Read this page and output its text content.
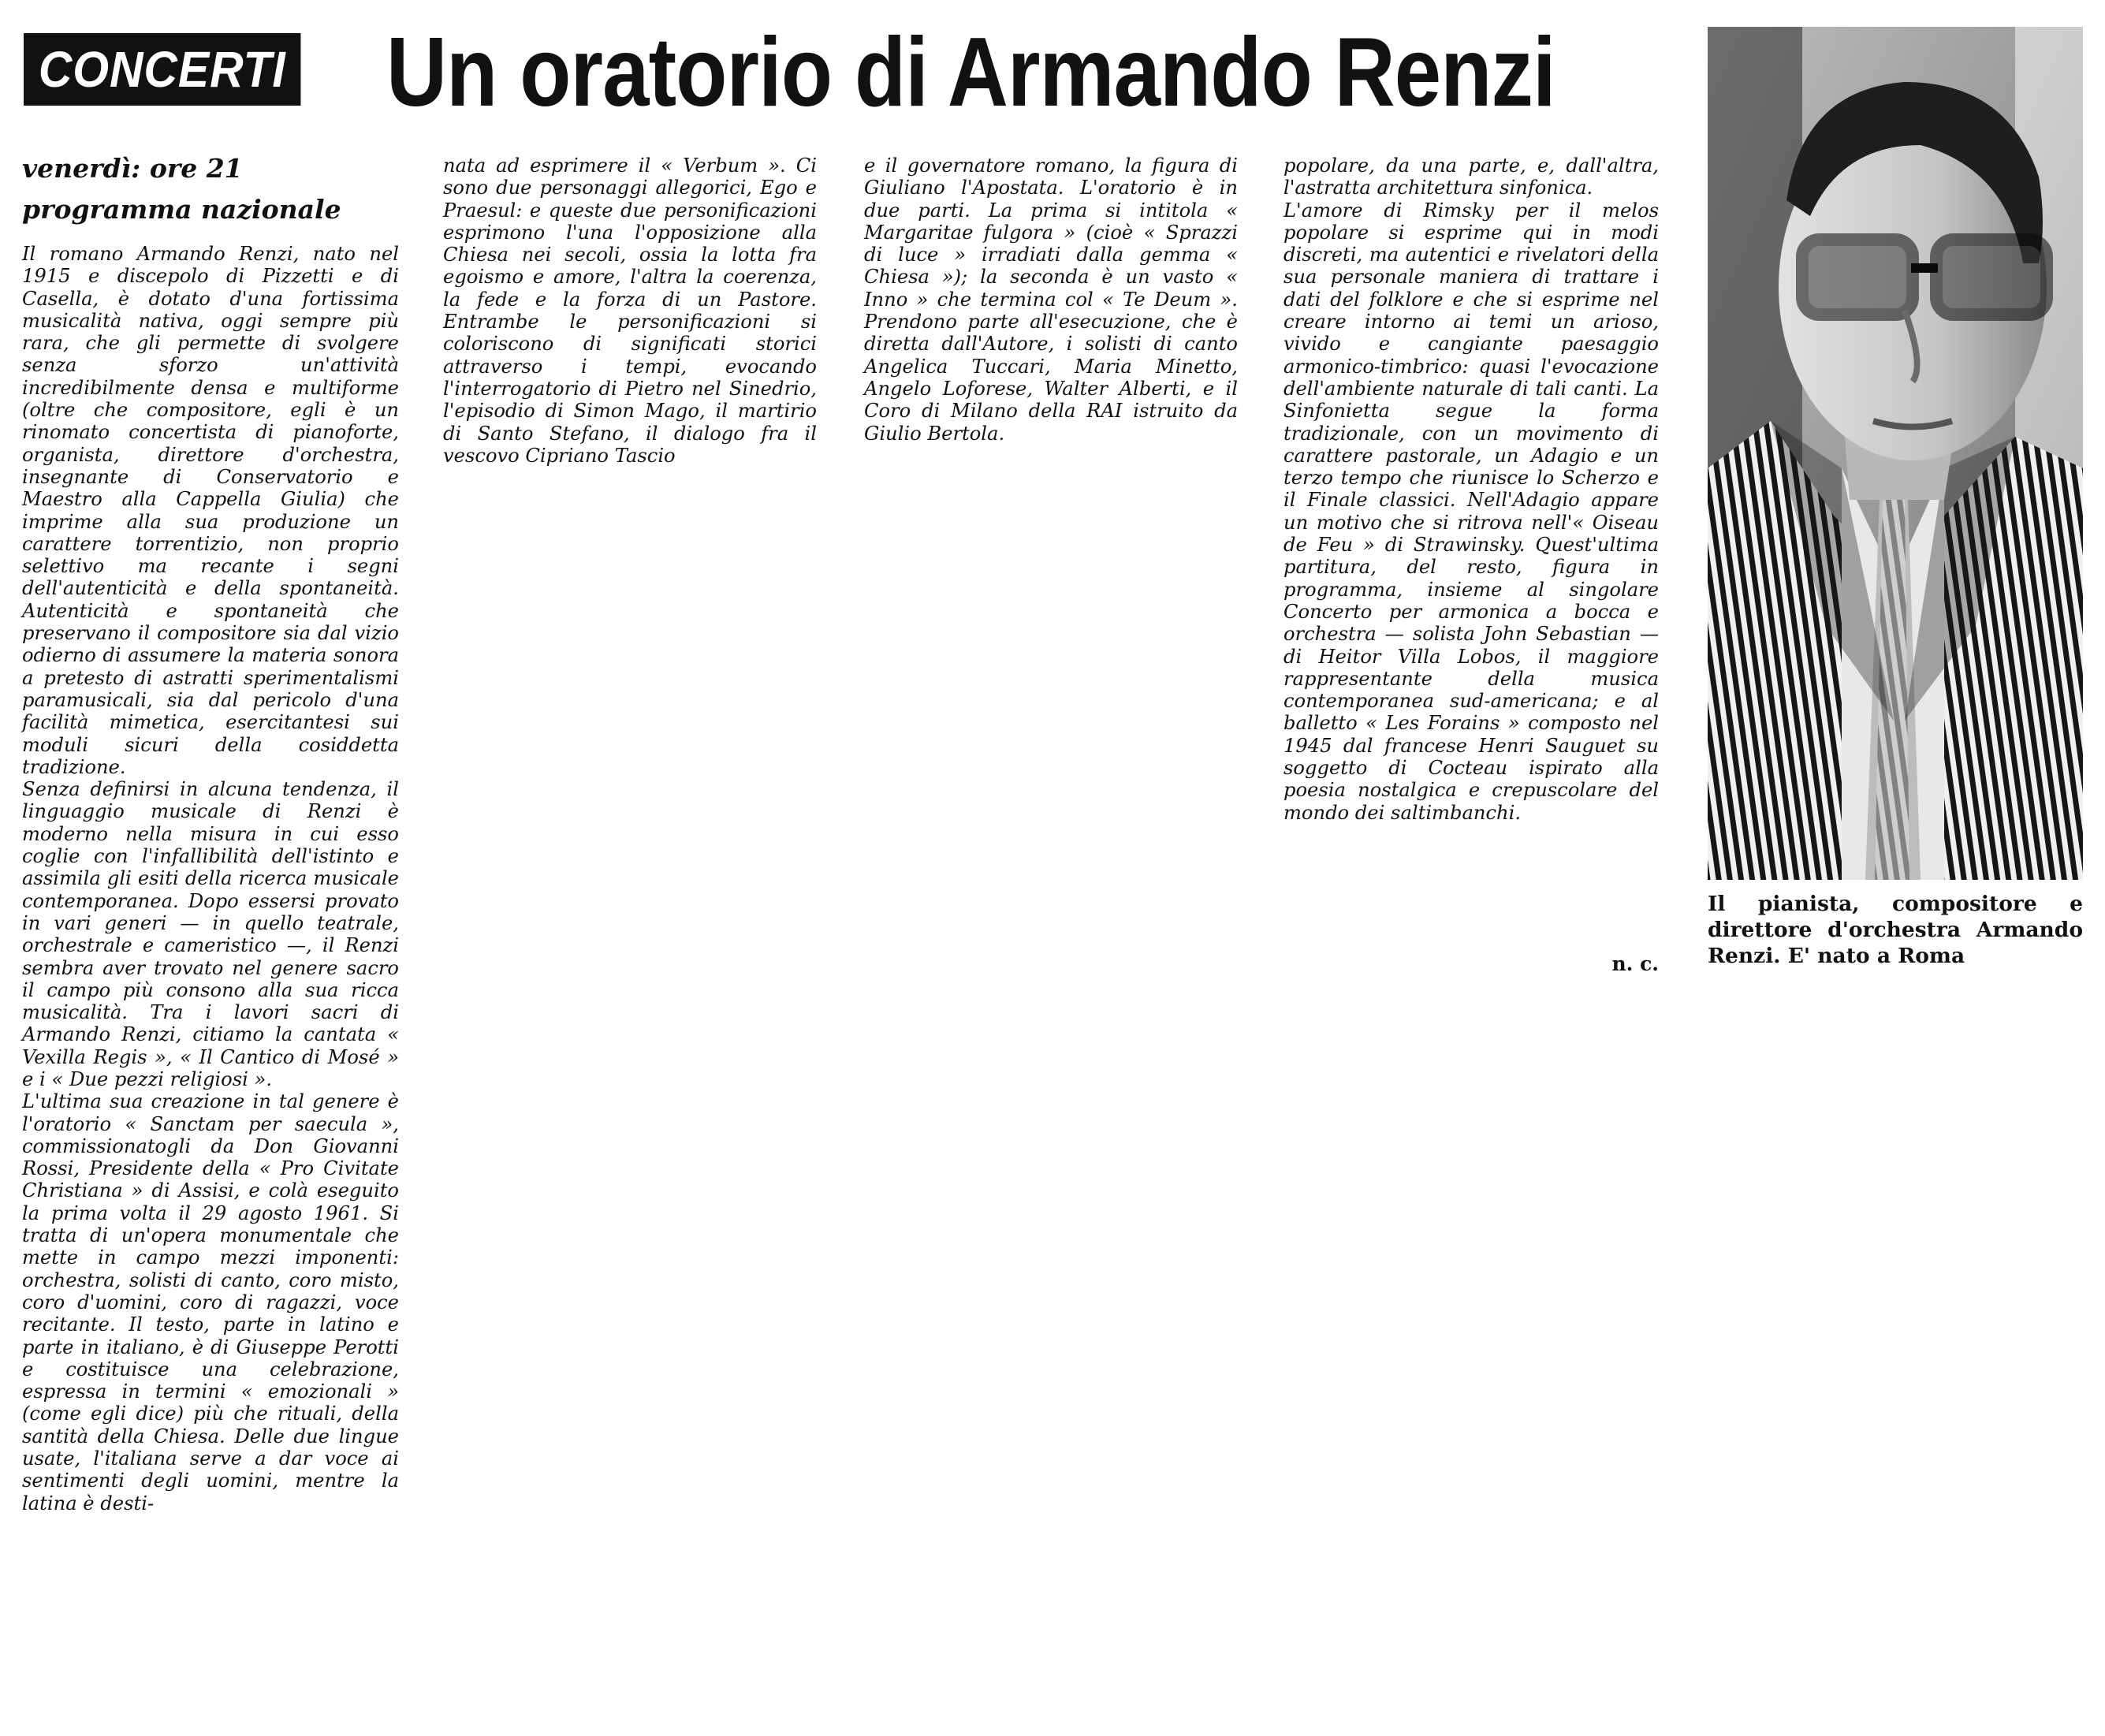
CONCERTI Un oratorio di Armando Renzi
venerdì: ore 21
programma nazionale

Il romano Armando Renzi, nato nel 1915 e discepolo di Pizzetti e di Casella, è dotato d'una fortissima musicalità nativa, oggi sempre più rara, che gli permette di svolgere senza sforzo un'attività incredibilmente densa e multiforme (oltre che compositore, egli è un rinomato concertista di pianoforte, organista, direttore d'orchestra, insegnante di Conservatorio e Maestro alla Cappella Giulia) che imprime alla sua produzione un carattere torrentizio, non proprio selettivo ma recante i segni dell'autenticità e della spontaneità. Autenticità e spontaneità che preservano il compositore sia dal vizio odierno di assumere la materia sonora a pretesto di astratti sperimentalismi paramusicali, sia dal pericolo d'una facilità mimetica, esercitantesi sui moduli sicuri della cosiddetta tradizione.

Senza definirsi in alcuna tendenza, il linguaggio musicale di Renzi è moderno nella misura in cui esso coglie con l'infallibilità dell'istinto e assimila gli esiti della ricerca musicale contemporanea. Dopo essersi provato in vari generi — in quello teatrale, orchestrale e cameristico —, il Renzi sembra aver trovato nel genere sacro il campo più consono alla sua ricca musicalità. Tra i lavori sacri di Armando Renzi, citiamo la cantata « Vexilla Regis », « Il Cantico di Mosé » e i « Due pezzi religiosi ».

L'ultima sua creazione in tal genere è l'oratorio « Sanctam per saecula », commissionatogli da Don Giovanni Rossi, Presidente della « Pro Civitate Christiana » di Assisi, e colà eseguito la prima volta il 29 agosto 1961. Si tratta di un'opera monumentale che mette in campo mezzi imponenti: orchestra, solisti di canto, coro misto, coro d'uomini, coro di ragazzi, voce recitante. Il testo, parte in latino e parte in italiano, è di Giuseppe Perotti e costituisce una celebrazione, espressa in termini « emozionali » (come egli dice) più che rituali, della santità della Chiesa. Delle due lingue usate, l'italiana serve a dar voce ai sentimenti degli uomini, mentre la latina è desti-

nata ad esprimere il « Verbum ». Ci sono due personaggi allegorici, Ego e Praesul: e queste due personificazioni esprimono l'una l'opposizione alla Chiesa nei secoli, ossia la lotta fra egoismo e amore, l'altra la coerenza, la fede e la forza di un Pastore. Entrambe le personificazioni si coloriscono di significati storici attraverso i tempi, evocando l'interrogatorio di Pietro nel Sinedrio, l'episodio di Simon Mago, il martirio di Santo Stefano, il dialogo fra il vescovo Cipriano Tascio

e il governatore romano, la figura di Giuliano l'Apostata. L'oratorio è in due parti. La prima si intitola « Margaritae fulgora » (cioè « Sprazzi di luce » irradiati dalla gemma « Chiesa »); la seconda è un vasto « Inno » che termina col « Te Deum ». Prendono parte all'esecuzione, che è diretta dall'Autore, i solisti di canto Angelica Tuccari, Maria Minetto, Angelo Loforese, Walter Alberti, e il Coro di Milano della RAI istruito da Giulio Bertola.

popolare, da una parte, e, dall'altra, l'astratta architettura sinfonica.

L'amore di Rimsky per il melos popolare si esprime qui in modi discreti, ma autentici e rivelatori della sua personale maniera di trattare i dati del folklore e che si esprime nel creare intorno ai temi un arioso, vivido e cangiante paesaggio armonico-timbrico: quasi l'evocazione dell'ambiente naturale di tali canti. La Sinfonietta segue la forma tradizionale, con un movimento di carattere pastorale, un Adagio e un terzo tempo che riunisce lo Scherzo e il Finale classici. Nell'Adagio appare un motivo che si ritrova nell'« Oiseau de Feu » di Strawinsky. Quest'ultima partitura, del resto, figura in programma, insieme al singolare Concerto per armonica a bocca e orchestra — solista John Sebastian — di Heitor Villa Lobos, il maggiore rappresentante della musica contemporanea sud-americana; e al balletto « Les Forains » composto nel 1945 dal francese Henri Sauguet su soggetto di Cocteau ispirato alla poesia nostalgica e crepuscolare del mondo dei saltimbanchi.

n. c.
Il pianista, compositore e direttore d'orchestra Armando Renzi. E' nato a Roma
